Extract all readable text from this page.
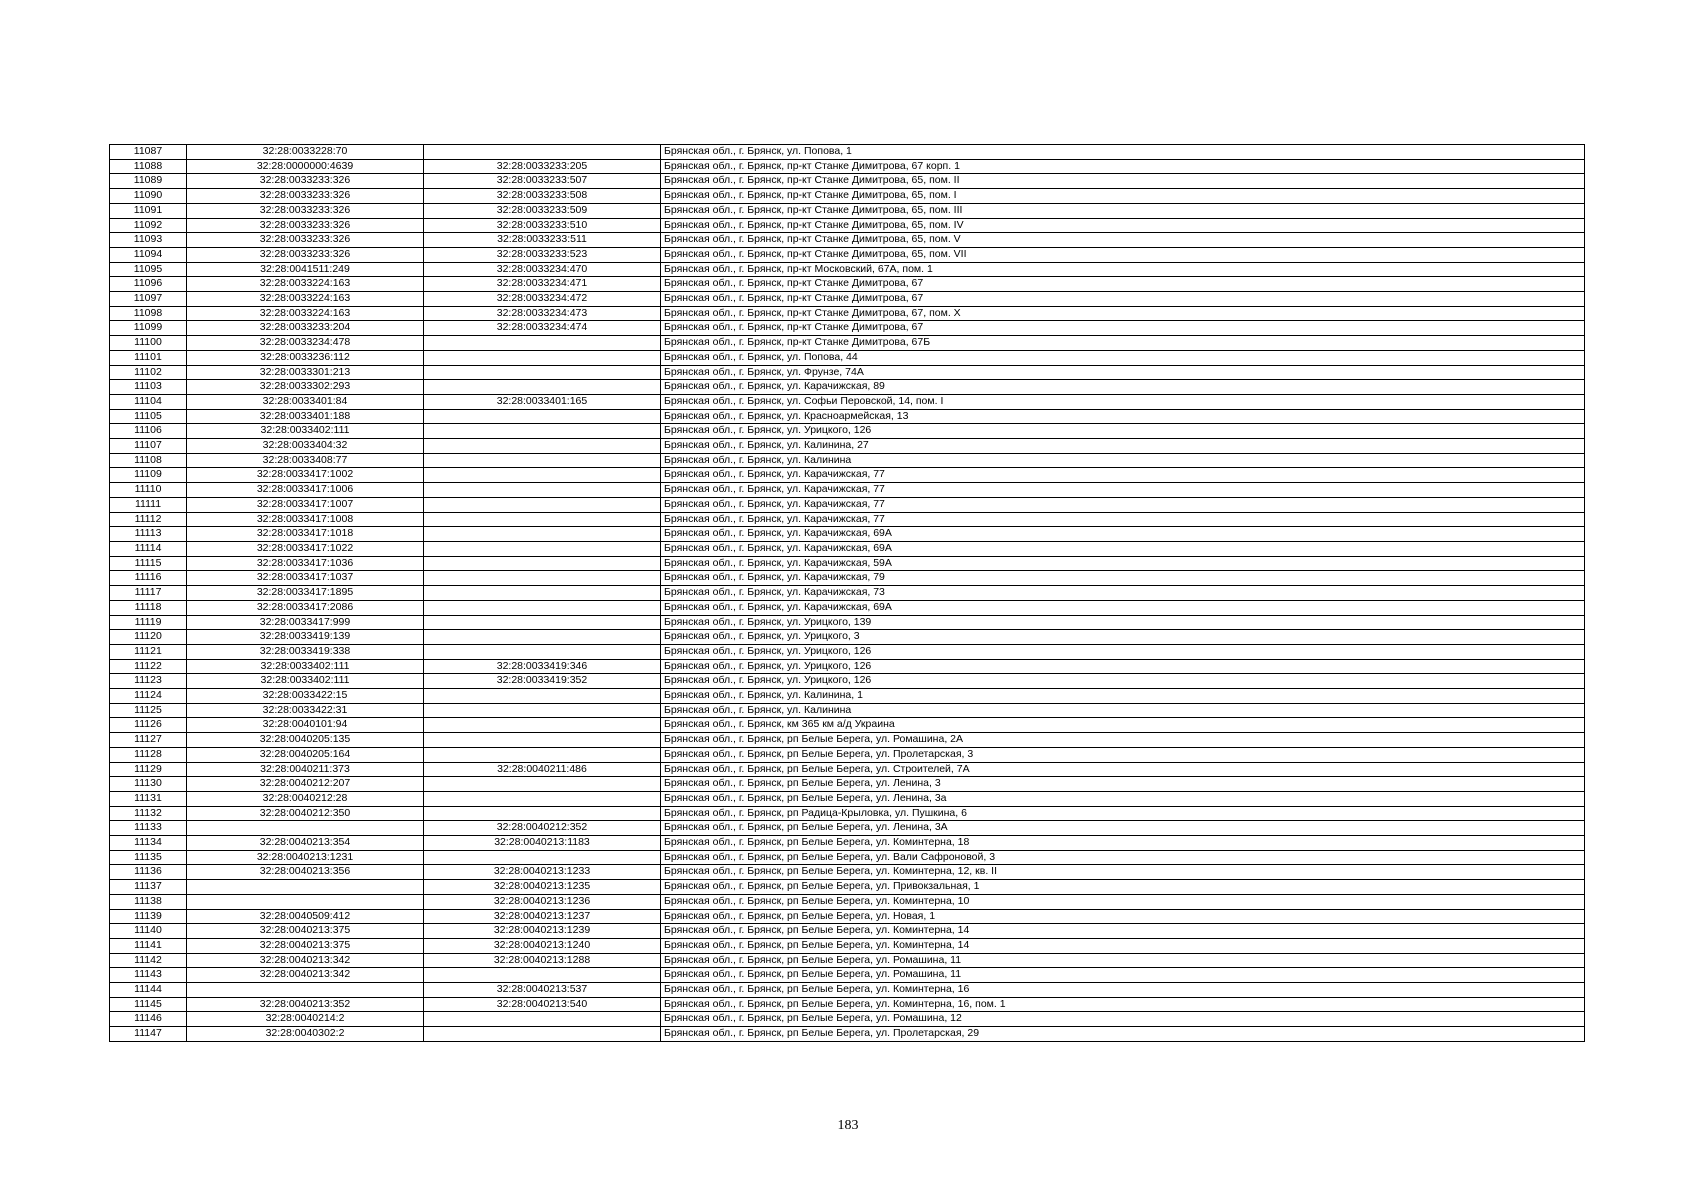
11087	32:28:0033228:70		Брянская обл., г. Брянск, ул. Попова, 1
11088	32:28:0000000:4639	32:28:0033233:205	Брянская обл., г. Брянск, пр-кт Станке Димитрова, 67 корп. 1
11089	32:28:0033233:326	32:28:0033233:507	Брянская обл., г. Брянск, пр-кт Станке Димитрова, 65, пом. II
11090	32:28:0033233:326	32:28:0033233:508	Брянская обл., г. Брянск, пр-кт Станке Димитрова, 65, пом. I
11091	32:28:0033233:326	32:28:0033233:509	Брянская обл., г. Брянск, пр-кт Станке Димитрова, 65, пом. III
11092	32:28:0033233:326	32:28:0033233:510	Брянская обл., г. Брянск, пр-кт Станке Димитрова, 65, пом. IV
11093	32:28:0033233:326	32:28:0033233:511	Брянская обл., г. Брянск, пр-кт Станке Димитрова, 65, пом. V
11094	32:28:0033233:326	32:28:0033233:523	Брянская обл., г. Брянск, пр-кт Станке Димитрова, 65, пом. VII
11095	32:28:0041511:249	32:28:0033234:470	Брянская обл., г. Брянск, пр-кт Московский, 67А, пом. 1
11096	32:28:0033224:163	32:28:0033234:471	Брянская обл., г. Брянск, пр-кт Станке Димитрова, 67
11097	32:28:0033224:163	32:28:0033234:472	Брянская обл., г. Брянск, пр-кт Станке Димитрова, 67
11098	32:28:0033224:163	32:28:0033234:473	Брянская обл., г. Брянск, пр-кт Станке Димитрова, 67, пом. X
11099	32:28:0033233:204	32:28:0033234:474	Брянская обл., г. Брянск, пр-кт Станке Димитрова, 67
11100	32:28:0033234:478		Брянская обл., г. Брянск, пр-кт Станке Димитрова, 67Б
11101	32:28:0033236:112		Брянская обл., г. Брянск, ул. Попова, 44
11102	32:28:0033301:213		Брянская обл., г. Брянск, ул. Фрунзе, 74А
11103	32:28:0033302:293		Брянская обл., г. Брянск, ул. Карачижская, 89
11104	32:28:0033401:84	32:28:0033401:165	Брянская обл., г. Брянск, ул. Софьи Перовской, 14, пом. I
11105	32:28:0033401:188		Брянская обл., г. Брянск, ул. Красноармейская, 13
11106	32:28:0033402:111		Брянская обл., г. Брянск, ул. Урицкого, 126
11107	32:28:0033404:32		Брянская обл., г. Брянск, ул. Калинина, 27
11108	32:28:0033408:77		Брянская обл., г. Брянск, ул. Калинина
11109	32:28:0033417:1002		Брянская обл., г. Брянск, ул. Карачижская, 77
11110	32:28:0033417:1006		Брянская обл., г. Брянск, ул. Карачижская, 77
11111	32:28:0033417:1007		Брянская обл., г. Брянск, ул. Карачижская, 77
11112	32:28:0033417:1008		Брянская обл., г. Брянск, ул. Карачижская, 77
11113	32:28:0033417:1018		Брянская обл., г. Брянск, ул. Карачижская, 69А
11114	32:28:0033417:1022		Брянская обл., г. Брянск, ул. Карачижская, 69А
11115	32:28:0033417:1036		Брянская обл., г. Брянск, ул. Карачижская, 59А
11116	32:28:0033417:1037		Брянская обл., г. Брянск, ул. Карачижская, 79
11117	32:28:0033417:1895		Брянская обл., г. Брянск, ул. Карачижская, 73
11118	32:28:0033417:2086		Брянская обл., г. Брянск, ул. Карачижская, 69А
11119	32:28:0033417:999		Брянская обл., г. Брянск, ул. Урицкого, 139
11120	32:28:0033419:139		Брянская обл., г. Брянск, ул. Урицкого, 3
11121	32:28:0033419:338		Брянская обл., г. Брянск, ул. Урицкого, 126
11122	32:28:0033402:111	32:28:0033419:346	Брянская обл., г. Брянск, ул. Урицкого, 126
11123	32:28:0033402:111	32:28:0033419:352	Брянская обл., г. Брянск, ул. Урицкого, 126
11124	32:28:0033422:15		Брянская обл., г. Брянск, ул. Калинина, 1
11125	32:28:0033422:31		Брянская обл., г. Брянск, ул. Калинина
11126	32:28:0040101:94		Брянская обл., г. Брянск, км 365 км а/д Украина
11127	32:28:0040205:135		Брянская обл., г. Брянск, рп Белые Берега, ул. Ромашина, 2А
11128	32:28:0040205:164		Брянская обл., г. Брянск, рп Белые Берега, ул. Пролетарская, 3
11129	32:28:0040211:373	32:28:0040211:486	Брянская обл., г. Брянск, рп Белые Берега, ул. Строителей, 7А
11130	32:28:0040212:207		Брянская обл., г. Брянск, рп Белые Берега, ул. Ленина, 3
11131	32:28:0040212:28		Брянская обл., г. Брянск, рп Белые Берега, ул. Ленина, 3а
11132	32:28:0040212:350		Брянская обл., г. Брянск, рп Радица-Крыловка, ул. Пушкина, 6
11133		32:28:0040212:352	Брянская обл., г. Брянск, рп Белые Берега, ул. Ленина, 3А
11134	32:28:0040213:354	32:28:0040213:1183	Брянская обл., г. Брянск, рп Белые Берега, ул. Коминтерна, 18
11135	32:28:0040213:1231		Брянская обл., г. Брянск, рп Белые Берега, ул. Вали Сафроновой, 3
11136	32:28:0040213:356	32:28:0040213:1233	Брянская обл., г. Брянск, рп Белые Берега, ул. Коминтерна, 12, кв. II
11137		32:28:0040213:1235	Брянская обл., г. Брянск, рп Белые Берега, ул. Привокзальная, 1
11138		32:28:0040213:1236	Брянская обл., г. Брянск, рп Белые Берега, ул. Коминтерна, 10
11139	32:28:0040509:412	32:28:0040213:1237	Брянская обл., г. Брянск, рп Белые Берега, ул. Новая, 1
11140	32:28:0040213:375	32:28:0040213:1239	Брянская обл., г. Брянск, рп Белые Берега, ул. Коминтерна, 14
11141	32:28:0040213:375	32:28:0040213:1240	Брянская обл., г. Брянск, рп Белые Берега, ул. Коминтерна, 14
11142	32:28:0040213:342	32:28:0040213:1288	Брянская обл., г. Брянск, рп Белые Берега, ул. Ромашина, 11
11143	32:28:0040213:342		Брянская обл., г. Брянск, рп Белые Берега, ул. Ромашина, 11
11144		32:28:0040213:537	Брянская обл., г. Брянск, рп Белые Берега, ул. Коминтерна, 16
11145	32:28:0040213:352	32:28:0040213:540	Брянская обл., г. Брянск, рп Белые Берега, ул. Коминтерна, 16, пом. 1
11146	32:28:0040214:2		Брянская обл., г. Брянск, рп Белые Берега, ул. Ромашина, 12
11147	32:28:0040302:2		Брянская обл., г. Брянск, рп Белые Берега, ул. Пролетарская, 29
183
